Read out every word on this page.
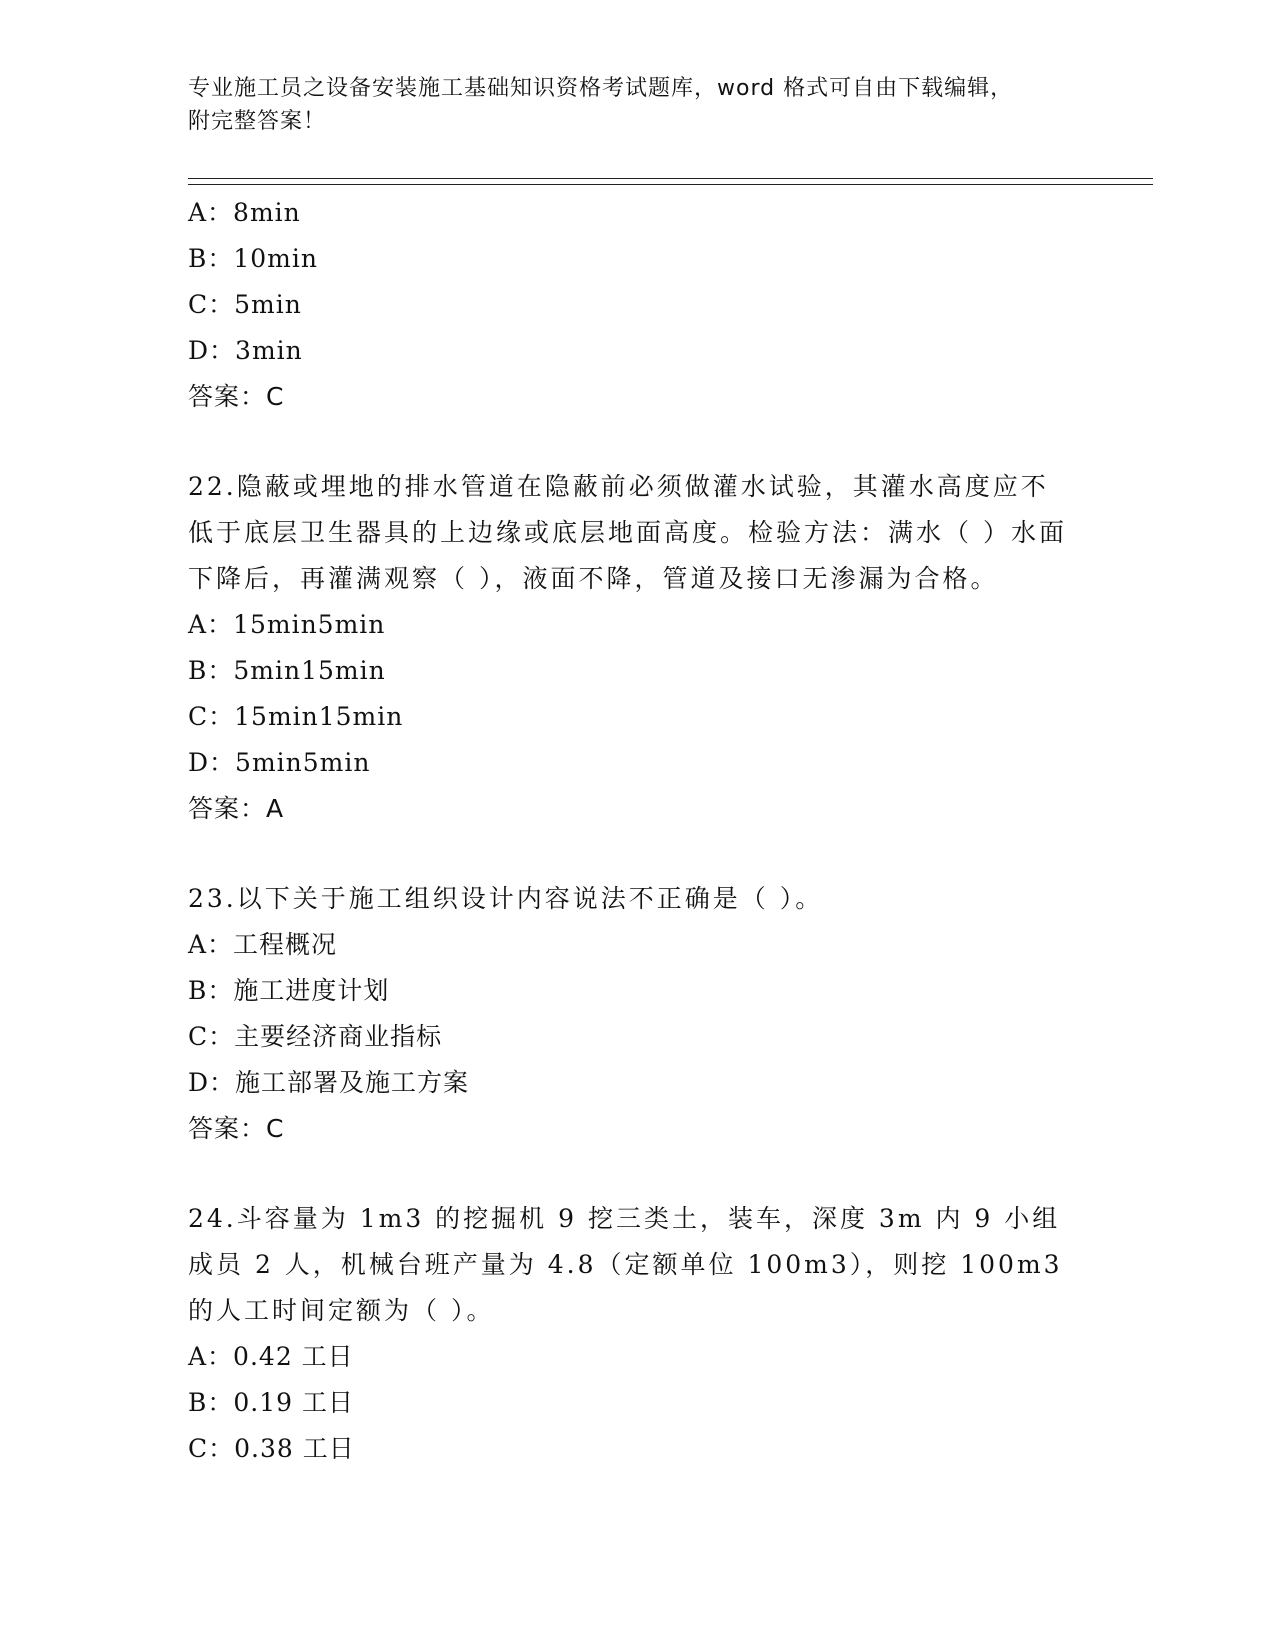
专业施工员之设备安装施工基础知识资格考试题库，word 格式可自由下载编辑，
附完整答案！
A：8min
B：10min
C：5min
D：3min
答案：C
22.隐蔽或埋地的排水管道在隐蔽前必须做灌水试验，其灌水高度应不低于底层卫生器具的上边缘或底层地面高度。检验方法：满水（ ）水面下降后，再灌满观察（ ），液面不降，管道及接口无渗漏为合格。
A：15min5min
B：5min15min
C：15min15min
D：5min5min
答案：A
23.以下关于施工组织设计内容说法不正确是（ ）。
A：工程概况
B：施工进度计划
C：主要经济商业指标
D：施工部署及施工方案
答案：C
24.斗容量为 1m3 的挖掘机 9 挖三类土，装车，深度 3m 内 9 小组成员 2 人，机械台班产量为 4.8（定额单位 100m3），则挖 100m3 的人工时间定额为（ ）。
A：0.42 工日
B：0.19 工日
C：0.38 工日
